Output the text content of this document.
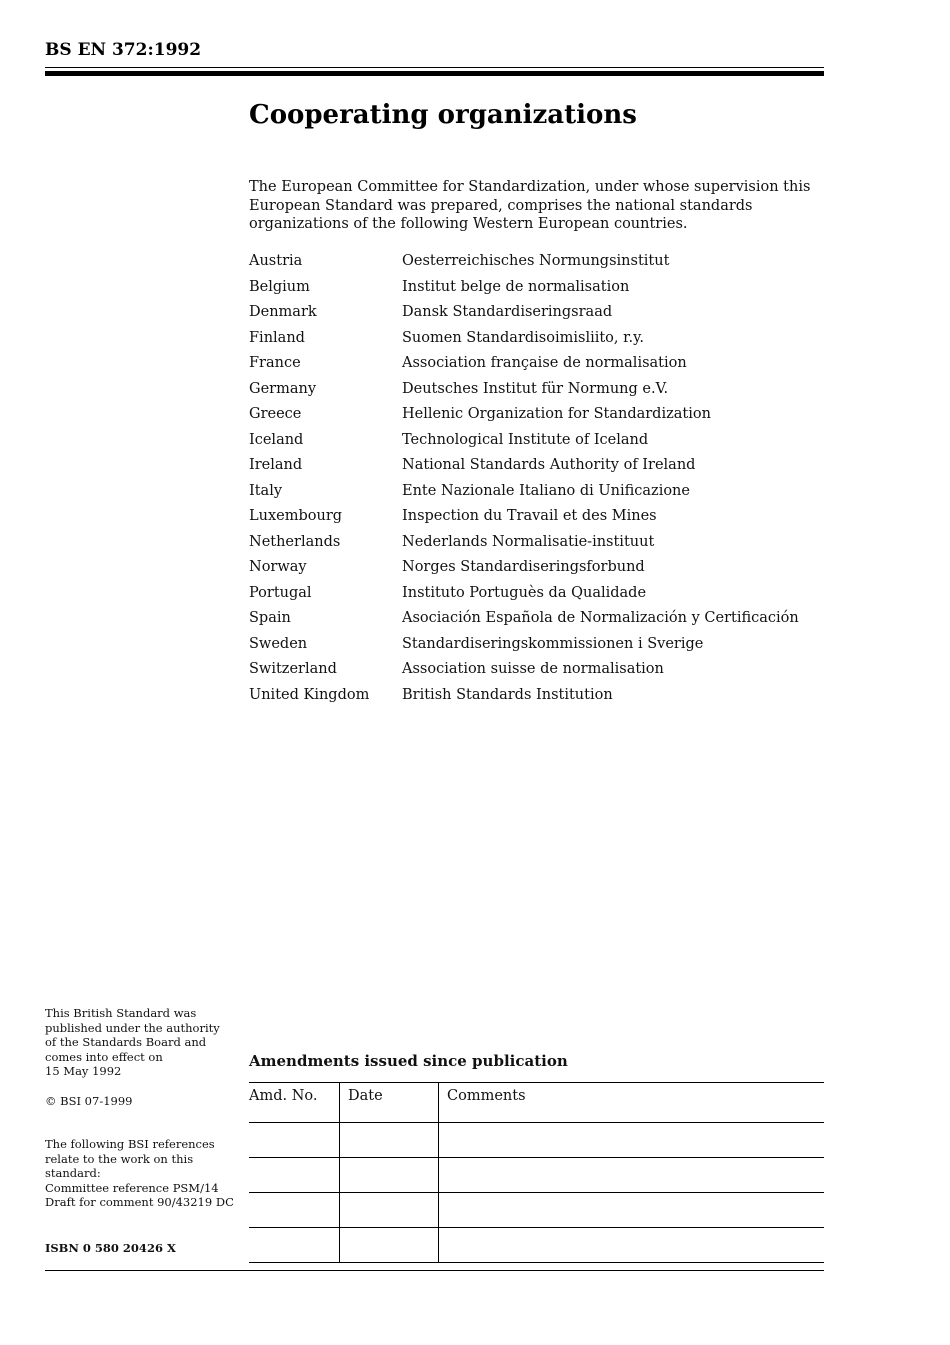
BS EN 372:1992
Cooperating organizations

The European Committee for Standardization, under whose supervision this European Standard was prepared, comprises the national standards organizations of the following Western European countries.

Austria	Oesterreichisches Normungsinstitut
Belgium	Institut belge de normalisation
Denmark	Dansk Standardiseringsraad
Finland	Suomen Standardisoimisliito, r.y.
France	Association française de normalisation
Germany	Deutsches Institut für Normung e.V.
Greece	Hellenic Organization for Standardization
Iceland	Technological Institute of Iceland
Ireland	National Standards Authority of Ireland
Italy	Ente Nazionale Italiano di Unificazione
Luxembourg	Inspection du Travail et des Mines
Netherlands	Nederlands Normalisatie-instituut
Norway	Norges Standardiseringsforbund
Portugal	Instituto Portuguès da Qualidade
Spain	Asociación Española de Normalización y Certificación
Sweden	Standardiseringskommissionen i Sverige
Switzerland	Association suisse de normalisation
United Kingdom	British Standards Institution
This British Standard was
published under the authority
of the Standards Board and
comes into effect on
15 May 1992
© BSI 07-1999
The following BSI references
relate to the work on this
standard:
Committee reference PSM/14
Draft for comment 90/43219 DC
ISBN 0 580 20426 X
Amendments issued since publication
Amd. No.	Date	Comments
